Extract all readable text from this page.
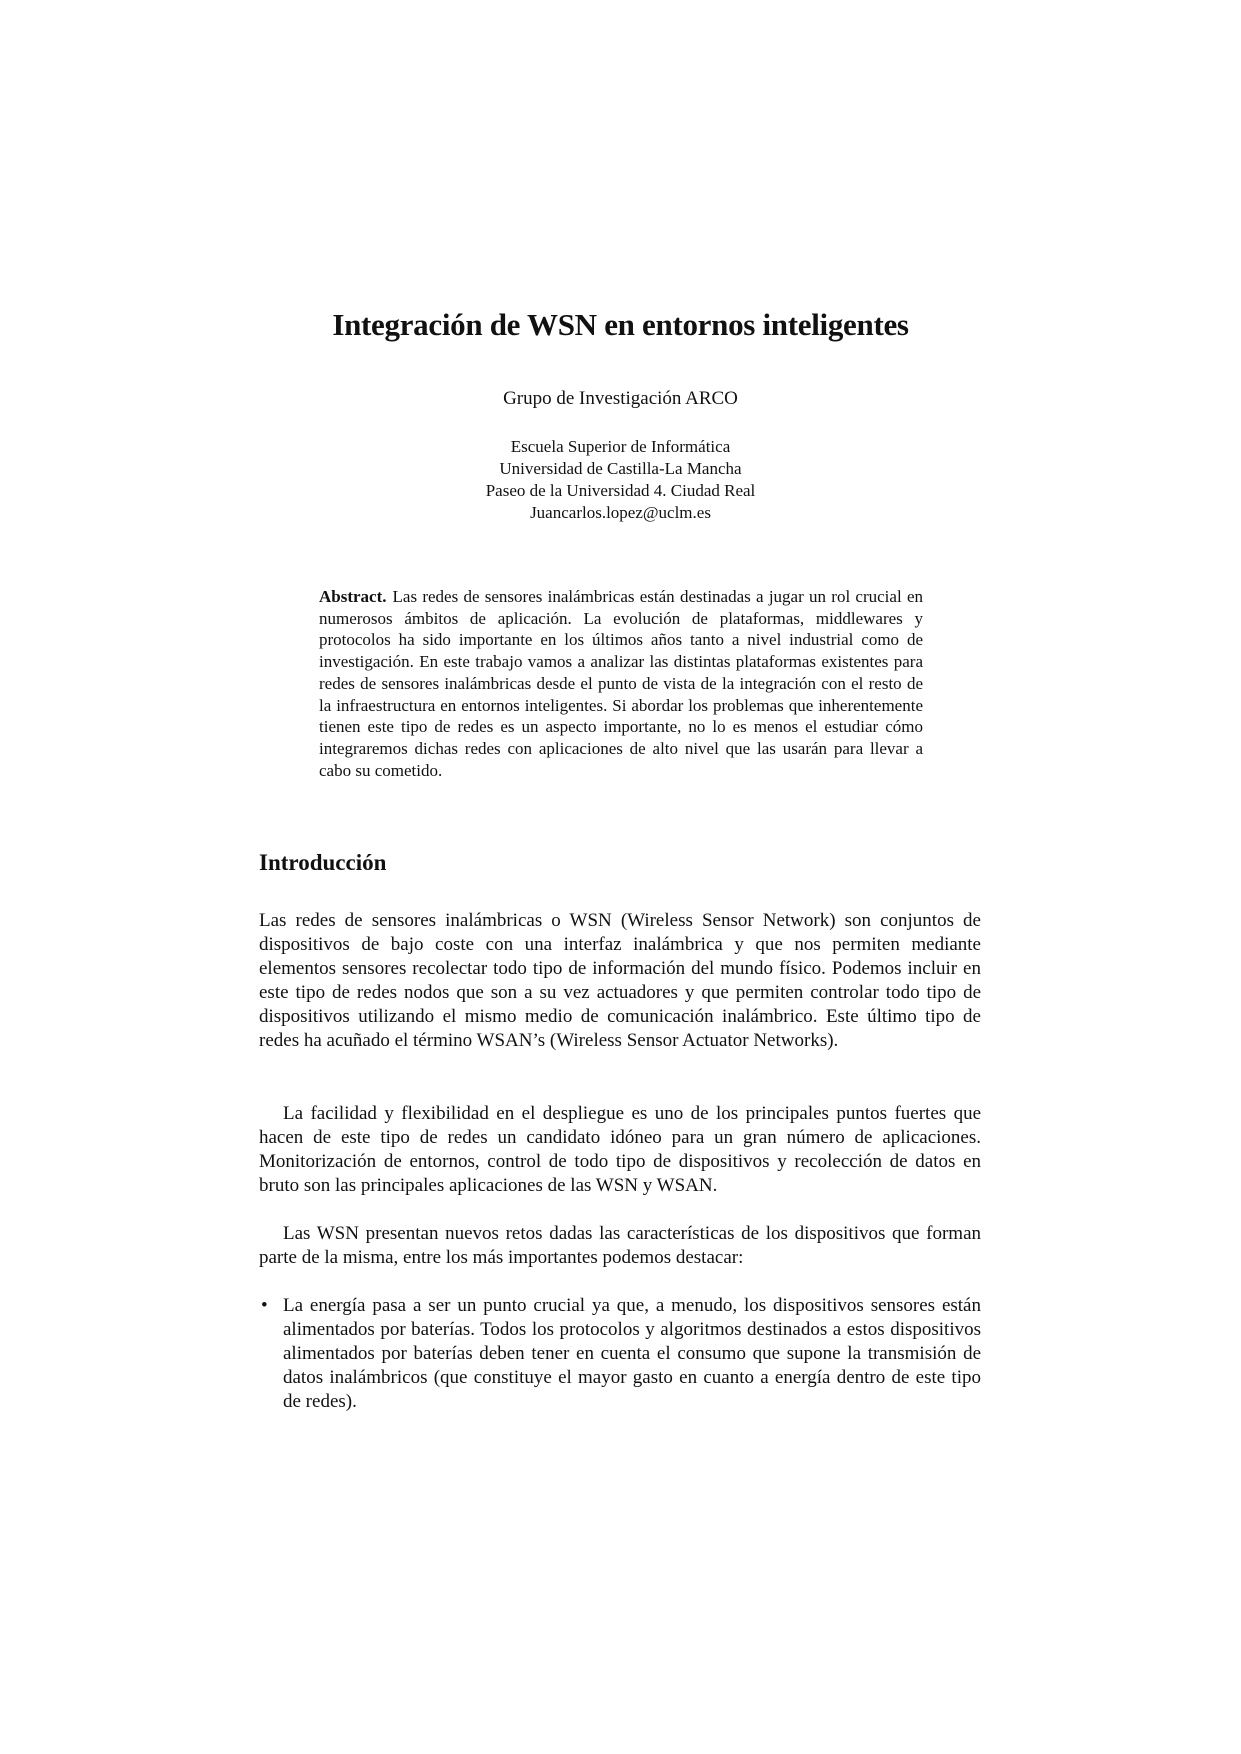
Integración de WSN en entornos inteligentes
Grupo de Investigación ARCO
Escuela Superior de Informática
Universidad de Castilla-La Mancha
Paseo de la Universidad 4. Ciudad Real
Juancarlos.lopez@uclm.es
Abstract. Las redes de sensores inalámbricas están destinadas a jugar un rol crucial en numerosos ámbitos de aplicación. La evolución de plataformas, middlewares y protocolos ha sido importante en los últimos años tanto a nivel industrial como de investigación. En este trabajo vamos a analizar las distintas plataformas existentes para redes de sensores inalámbricas desde el punto de vista de la integración con el resto de la infraestructura en entornos inteligentes. Si abordar los problemas que inherentemente tienen este tipo de redes es un aspecto importante, no lo es menos el estudiar cómo integraremos dichas redes con aplicaciones de alto nivel que las usarán para llevar a cabo su cometido.
Introducción
Las redes de sensores inalámbricas o WSN (Wireless Sensor Network) son conjuntos de dispositivos de bajo coste con una interfaz inalámbrica y que nos permiten mediante elementos sensores recolectar todo tipo de información del mundo físico. Podemos incluir en este tipo de redes nodos que son a su vez actuadores y que permiten controlar todo tipo de dispositivos utilizando el mismo medio de comunicación inalámbrico. Este último tipo de redes ha acuñado el término WSAN’s (Wireless Sensor Actuator Networks).
La facilidad y flexibilidad en el despliegue es uno de los principales puntos fuertes que hacen de este tipo de redes un candidato idóneo para un gran número de aplicaciones. Monitorización de entornos, control de todo tipo de dispositivos y recolección de datos en bruto son las principales aplicaciones de las WSN y WSAN.
Las WSN presentan nuevos retos dadas las características de los dispositivos que forman parte de la misma, entre los más importantes podemos destacar:
• La energía pasa a ser un punto crucial ya que, a menudo, los dispositivos sensores están alimentados por baterías. Todos los protocolos y algoritmos destinados a estos dispositivos alimentados por baterías deben tener en cuenta el consumo que supone la transmisión de datos inalámbricos (que constituye el mayor gasto en cuanto a energía dentro de este tipo de redes).
